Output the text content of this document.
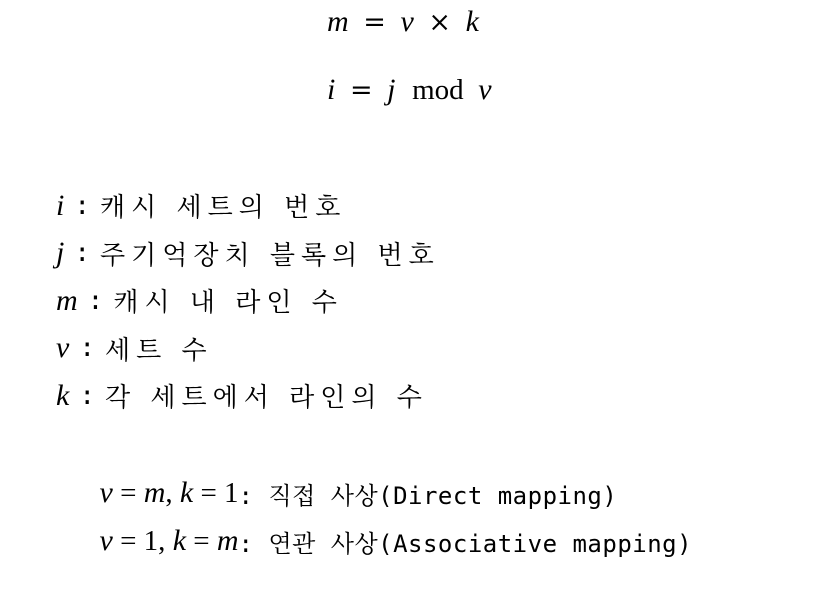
m = v × k
i = j mod v
i : 캐시 세트의 번호
j : 주기억장치 블록의 번호
m : 캐시 내 라인 수
v : 세트 수
k : 각 세트에서 라인의 수

v = m, k = 1
: 직접 사상(Direct mapping)

v = 1, k = m
: 연관 사상(Associative mapping)
